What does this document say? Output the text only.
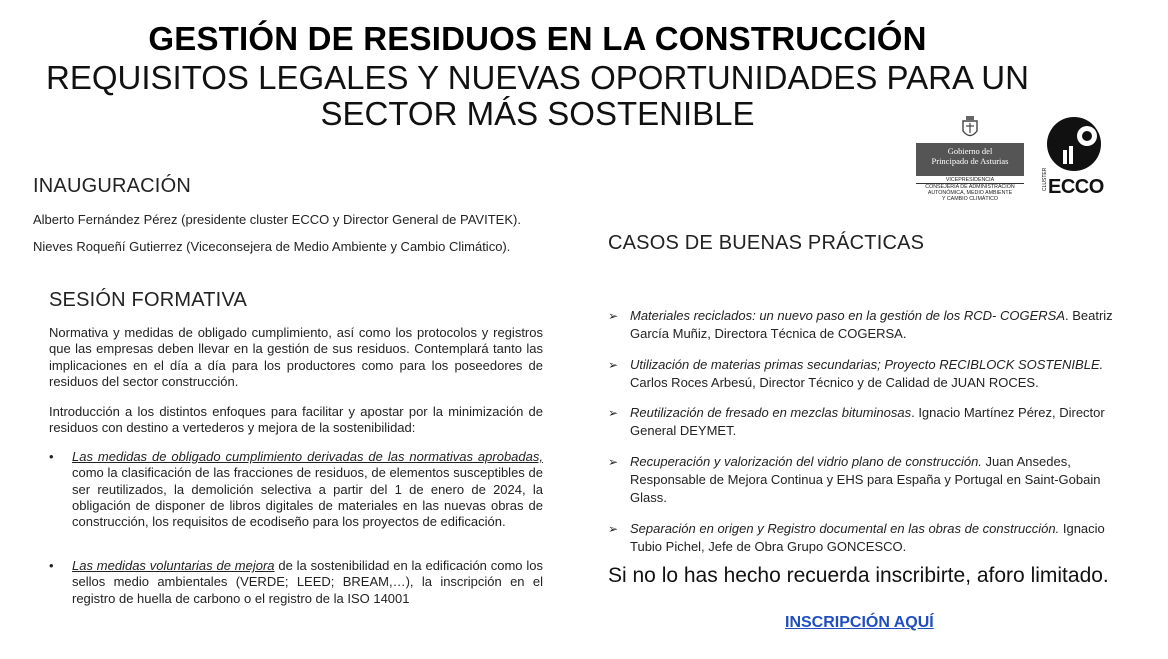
GESTIÓN DE RESIDUOS EN LA CONSTRUCCIÓN
REQUISITOS LEGALES Y NUEVAS OPORTUNIDADES PARA UN SECTOR MÁS SOSTENIBLE
Gobierno del
Principado de Asturias
VICEPRESIDENCIA
CONSEJERÍA DE ADMINISTRACIÓN
AUTONÓMICA, MEDIO AMBIENTE
Y CAMBIO CLIMÁTICO
CLUSTER ECCO
INAUGURACIÓN
Alberto Fernández Pérez (presidente cluster ECCO y Director General de PAVITEK).
Nieves Roqueñí Gutierrez (Viceconsejera de Medio Ambiente y Cambio Climático).
SESIÓN FORMATIVA
Normativa y medidas de obligado cumplimiento, así como los protocolos y registros que las empresas deben llevar en la gestión de sus residuos. Contemplará tanto las implicaciones en el día a día para los productores como para los poseedores de residuos del sector construcción.
Introducción a los distintos enfoques para facilitar y apostar por la minimización de residuos con destino a vertederos y mejora de la sostenibilidad:
• Las medidas de obligado cumplimiento derivadas de las normativas aprobadas, como la clasificación de las fracciones de residuos, de elementos susceptibles de ser reutilizados, la demolición selectiva a partir del 1 de enero de 2024, la obligación de disponer de libros digitales de materiales en las nuevas obras de construcción, los requisitos de ecodiseño para los proyectos de edificación.
• Las medidas voluntarias de mejora de la sostenibilidad en la edificación como los sellos medio ambientales (VERDE; LEED; BREAM,…), la inscripción en el registro de huella de carbono o el registro de la ISO 14001
CASOS DE BUENAS PRÁCTICAS
➢ Materiales reciclados: un nuevo paso en la gestión de los RCD- COGERSA. Beatriz García Muñiz, Directora Técnica de COGERSA.
➢ Utilización de materias primas secundarias; Proyecto RECIBLOCK SOSTENIBLE. Carlos Roces Arbesú, Director Técnico y de Calidad de JUAN ROCES.
➢ Reutilización de fresado en mezclas bituminosas. Ignacio Martínez Pérez, Director General DEYMET.
➢ Recuperación y valorización del vidrio plano de construcción. Juan Ansedes, Responsable de Mejora Continua y EHS para España y Portugal en Saint-Gobain Glass.
➢ Separación en origen y Registro documental en las obras de construcción. Ignacio Tubio Pichel, Jefe de Obra Grupo GONCESCO.
Si no lo has hecho recuerda inscribirte, aforo limitado.
INSCRIPCIÓN AQUÍ
